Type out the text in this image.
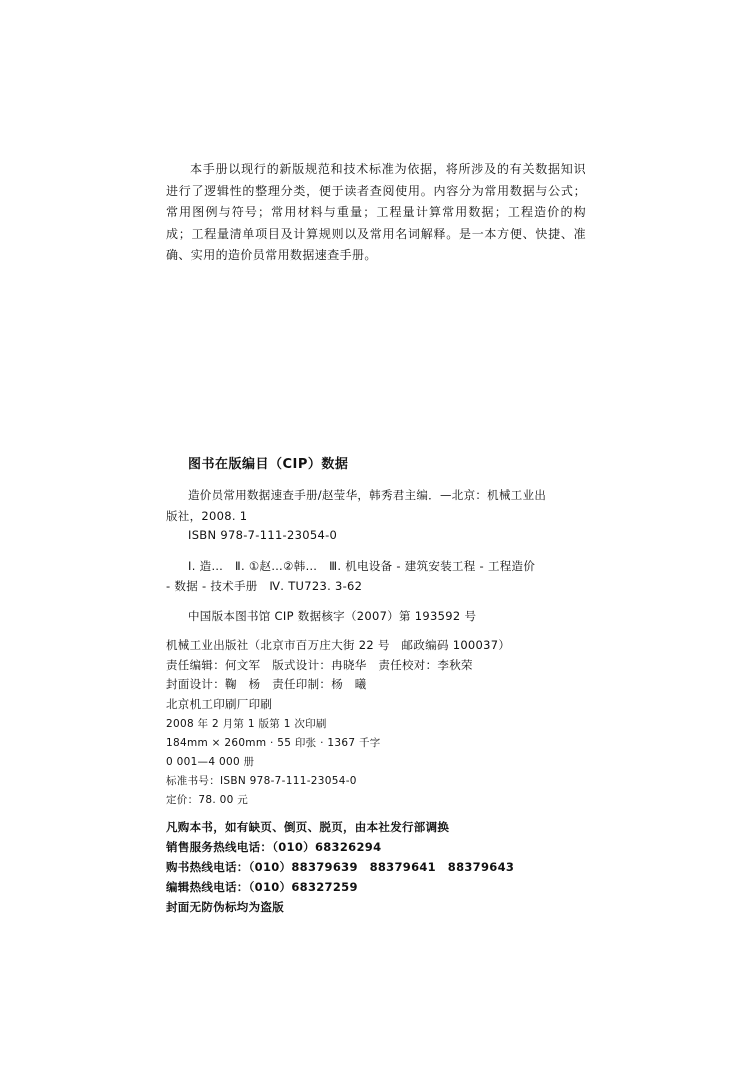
本手册以现行的新版规范和技术标准为依据，将所涉及的有关数据知识进行了逻辑性的整理分类，便于读者查阅使用。内容分为常用数据与公式；常用图例与符号；常用材料与重量；工程量计算常用数据；工程造价的构成；工程量清单项目及计算规则以及常用名词解释。是一本方便、快捷、准确、实用的造价员常用数据速查手册。

图书在版编目（CIP）数据
造价员常用数据速查手册/赵莹华，韩秀君主编．—北京：机械工业出
版社，2008. 1
ISBN 978-7-111-23054-0
Ⅰ. 造…　Ⅱ. ①赵…②韩…　Ⅲ. 机电设备 - 建筑安装工程 - 工程造价
- 数据 - 技术手册　Ⅳ. TU723. 3-62
中国版本图书馆 CIP 数据核字（2007）第 193592 号
机械工业出版社（北京市百万庄大街 22 号　邮政编码 100037）
责任编辑：何文军　版式设计：冉晓华　责任校对：李秋荣
封面设计：鞠　杨　责任印制：杨　曦
北京机工印刷厂印刷
2008 年 2 月第 1 版第 1 次印刷
184mm × 260mm · 55 印张 · 1367 千字
0 001—4 000 册
标准书号：ISBN 978-7-111-23054-0
定价：78. 00 元
凡购本书，如有缺页、倒页、脱页，由本社发行部调换
销售服务热线电话：（010）68326294
购书热线电话：（010）88379639　88379641　88379643
编辑热线电话：（010）68327259
封面无防伪标均为盗版
